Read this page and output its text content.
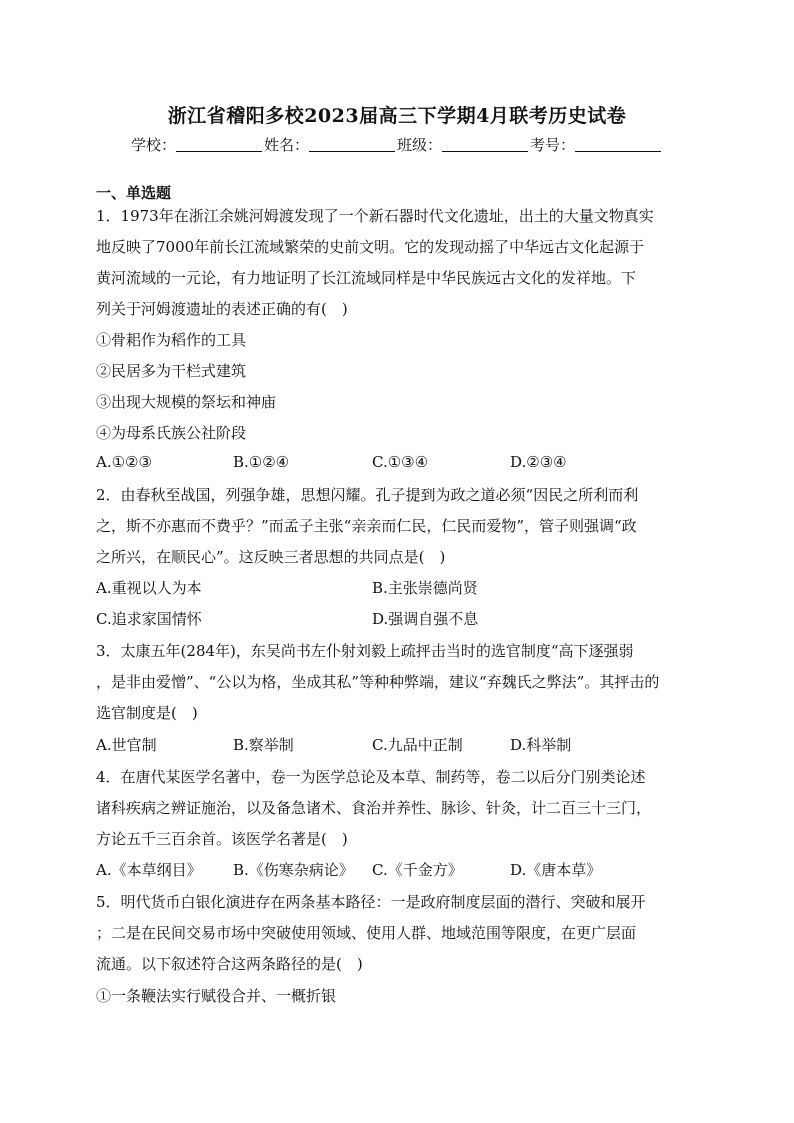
浙江省稽阳多校2023届高三下学期4月联考历史试卷
学校：	姓名：	班级：	考号：
一、单选题
1．1973年在浙江余姚河姆渡发现了一个新石器时代文化遗址，出土的大量文物真实
地反映了7000年前长江流域繁荣的史前文明。它的发现动摇了中华远古文化起源于
黄河流域的一元论，有力地证明了长江流域同样是中华民族远古文化的发祥地。下
列关于河姆渡遗址的表述正确的有(　)
①骨耜作为稻作的工具
②民居多为干栏式建筑
③出现大规模的祭坛和神庙
④为母系氏族公社阶段
A.①②③	B.①②④	C.①③④	D.②③④
2．由春秋至战国，列强争雄，思想闪耀。孔子提到为政之道必须“因民之所利而利
之，斯不亦惠而不费乎？”而孟子主张“亲亲而仁民，仁民而爱物”，管子则强调“政
之所兴，在顺民心”。这反映三者思想的共同点是(　)
A.重视以人为本	B.主张崇德尚贤
C.追求家国情怀	D.强调自强不息
3．太康五年(284年)，东吴尚书左仆射刘毅上疏抨击当时的选官制度“高下逐强弱
，是非由爱憎”、“公以为格，坐成其私”等种种弊端，建议“弃魏氏之弊法”。其抨击的
选官制度是(　)
A.世官制	B.察举制	C.九品中正制	D.科举制
4．在唐代某医学名著中，卷一为医学总论及本草、制药等，卷二以后分门别类论述
诸科疾病之辨证施治，以及备急诸术、食治并养性、脉诊、针灸，计二百三十三门，
方论五千三百余首。该医学名著是(　)
A.《本草纲目》 B.《伤寒杂病论》 C.《千金方》	D.《唐本草》
5．明代货币白银化演进存在两条基本路径：一是政府制度层面的潜行、突破和展开
；二是在民间交易市场中突破使用领域、使用人群、地域范围等限度，在更广层面
流通。以下叙述符合这两条路径的是(　)
①一条鞭法实行赋役合并、一概折银
